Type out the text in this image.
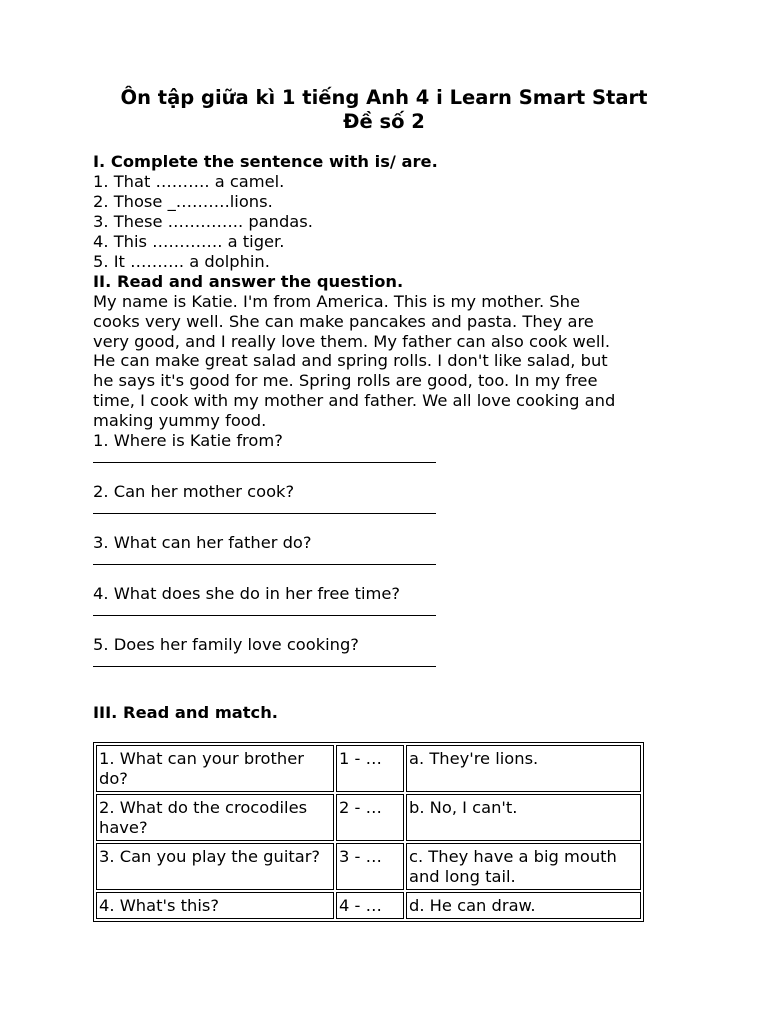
Ôn tập giữa kì 1 tiếng Anh 4 i Learn Smart Start
Đề số 2
I. Complete the sentence with is/ are.
1. That ………. a camel.
2. Those _……….lions.
3. These ………….. pandas.
4. This …………. a tiger.
5. It ………. a dolphin.
II. Read and answer the question.
My name is Katie. I'm from America. This is my mother. She
cooks very well. She can make pancakes and pasta. They are
very good, and I really love them. My father can also cook well.
He can make great salad and spring rolls. I don't like salad, but
he says it's good for me. Spring rolls are good, too. In my free
time, I cook with my mother and father. We all love cooking and
making yummy food.
1. Where is Katie from?
2. Can her mother cook?
3. What can her father do?
4. What does she do in her free time?
5. Does her family love cooking?
III. Read and match.
1. What can your brother do?	1 - …	a. They're lions.
2. What do the crocodiles have?	2 - …	b. No, I can't.
3. Can you play the guitar?	3 - …	c. They have a big mouth and long tail.
4. What's this?	4 - …	d. He can draw.
